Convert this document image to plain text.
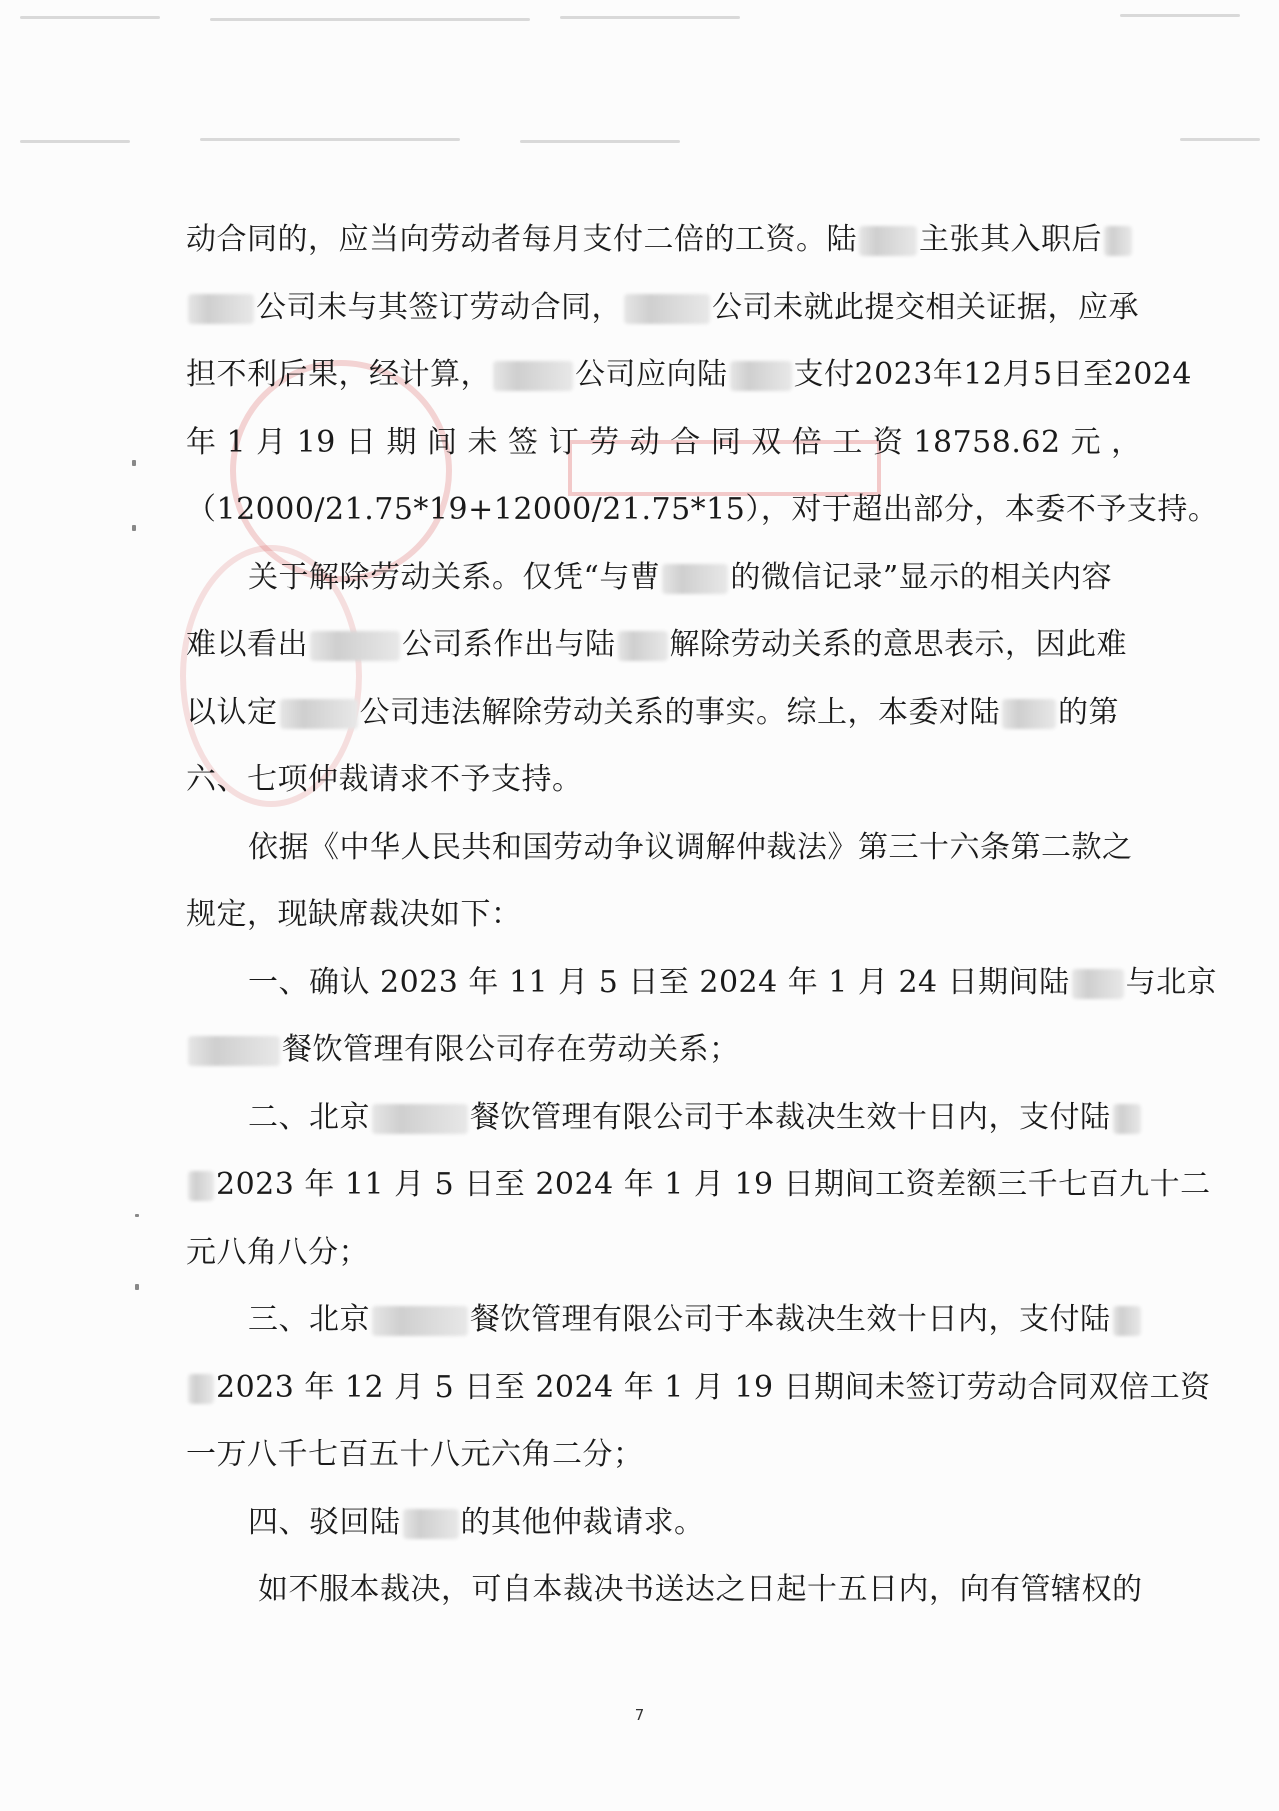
动合同的，应当向劳动者每月支付二倍的工资。陆 主张其入职后
公司未与其签订劳动合同，	公司未就此提交相关证据，应承
担不利后果，经计算，	公司应向陆 支付2023年12月5日至2024
年 1 月 19 日 期 间 未 签 订 劳 动 合 同 双 倍 工 资 18758.62 元 ，
（12000/21.75*19+12000/21.75*15），对于超出部分，本委不予支持。
关于解除劳动关系。仅凭“与曹 的微信记录”显示的相关内容
难以看出	公司系作出与陆 解除劳动关系的意思表示，因此难
以认定	公司违法解除劳动关系的事实。综上，本委对陆 的第
六、七项仲裁请求不予支持。
依据《中华人民共和国劳动争议调解仲裁法》第三十六条第二款之
规定，现缺席裁决如下：
一、确认 2023 年 11 月 5 日至 2024 年 1 月 24 日期间陆 与北京
餐饮管理有限公司存在劳动关系；
二、北京	餐饮管理有限公司于本裁决生效十日内，支付陆
2023 年 11 月 5 日至 2024 年 1 月 19 日期间工资差额三千七百九十二
元八角八分；
三、北京	餐饮管理有限公司于本裁决生效十日内，支付陆
2023 年 12 月 5 日至 2024 年 1 月 19 日期间未签订劳动合同双倍工资
一万八千七百五十八元六角二分；
四、驳回陆 的其他仲裁请求。
如不服本裁决，可自本裁决书送达之日起十五日内，向有管辖权的
7
